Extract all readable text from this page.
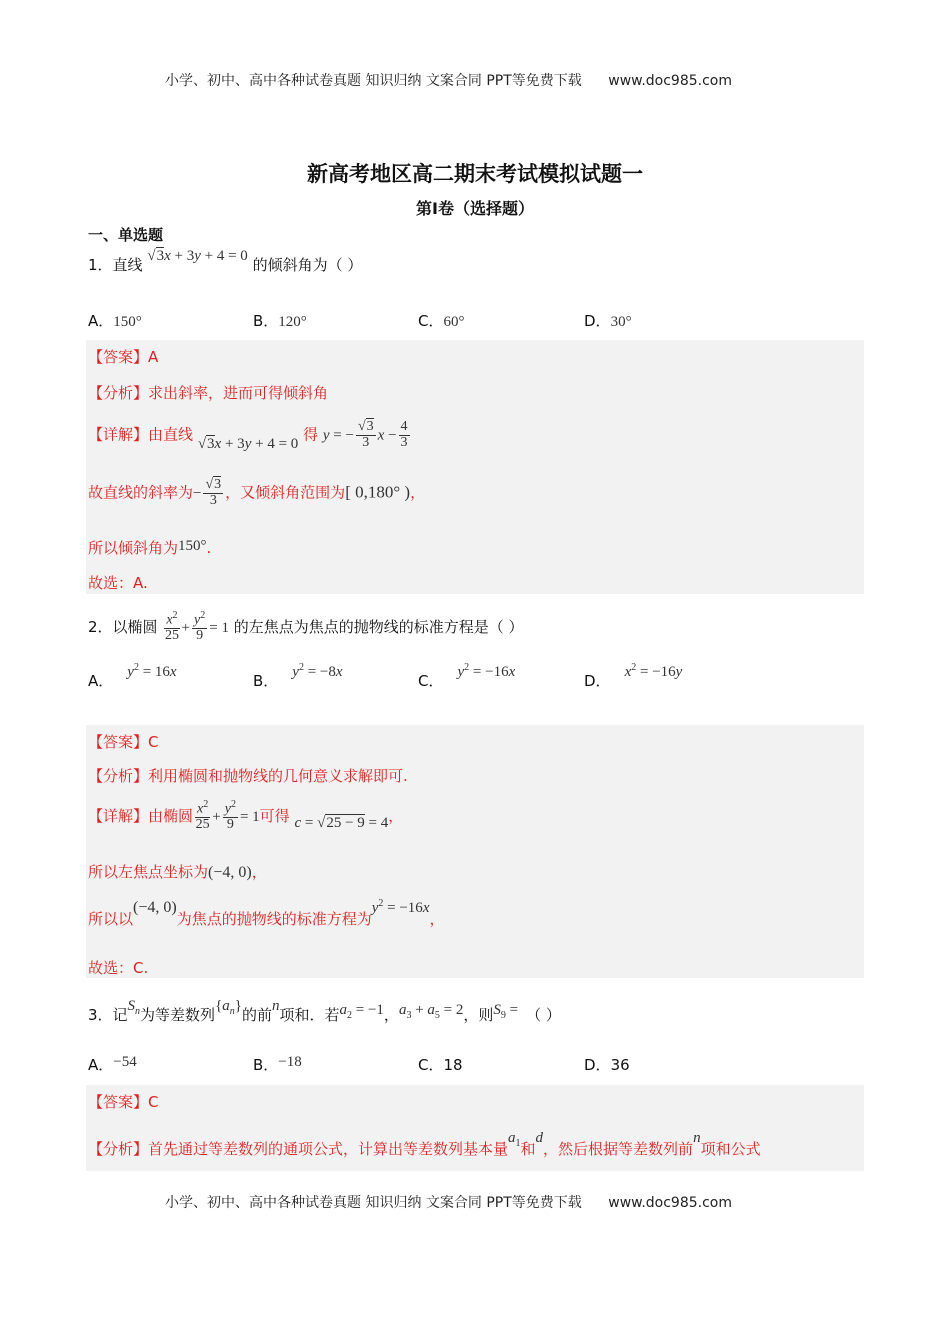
小学、初中、高中各种试卷真题 知识归纳 文案合同 PPT等免费下载 www.doc985.com
新高考地区高二期末考试模拟试题一
第I卷（选择题）
一、单选题
1．直线 √3x + 3y + 4 = 0 的倾斜角为（ ）
A．150°	B．120°	C．60°	D．30°
【答案】A
【分析】求出斜率，进而可得倾斜角
【详解】由直线 √3x + 3y + 4 = 0 得 y = − $\frac{√3}{3}$ $x - \frac{4}{3}$
故直线的斜率为− $\frac{√3}{3}$ ，又倾斜角范围为[ 0,180° )，
所以倾斜角为150°.
故选：A.
2．以椭圆 $\frac{x^2}{25} + \frac{y^2}{9} = 1$ 的左焦点为焦点的抛物线的标准方程是（ ）
A． $y^2 = 16x$	B． $y^2 = -8x$	C． $y^2 = -16x$	D． $x^2 = -16y$
【答案】C
【分析】利用椭圆和抛物线的几何意义求解即可.
【详解】由椭圆 $\frac{x^2}{25} + \frac{y^2}{9} = 1$可得 c = √25 − 9 = 4，
所以左焦点坐标为(−4, 0)，
所以以(−4, 0)为焦点的抛物线的标准方程为$y^2 = -16x$，
故选：C.
3．记$S_n$为等差数列$\{a_n\}$的前n项和．若$a_2 = -1$，$a_3 + a_5 = 2$，则$S_9$ = （ ）
A．−54	B．−18	C．18	D．36
【答案】C
【分析】首先通过等差数列的通项公式，计算出等差数列基本量$a_1$和d，然后根据等差数列前n项和公式
小学、初中、高中各种试卷真题 知识归纳 文案合同 PPT等免费下载 www.doc985.com
